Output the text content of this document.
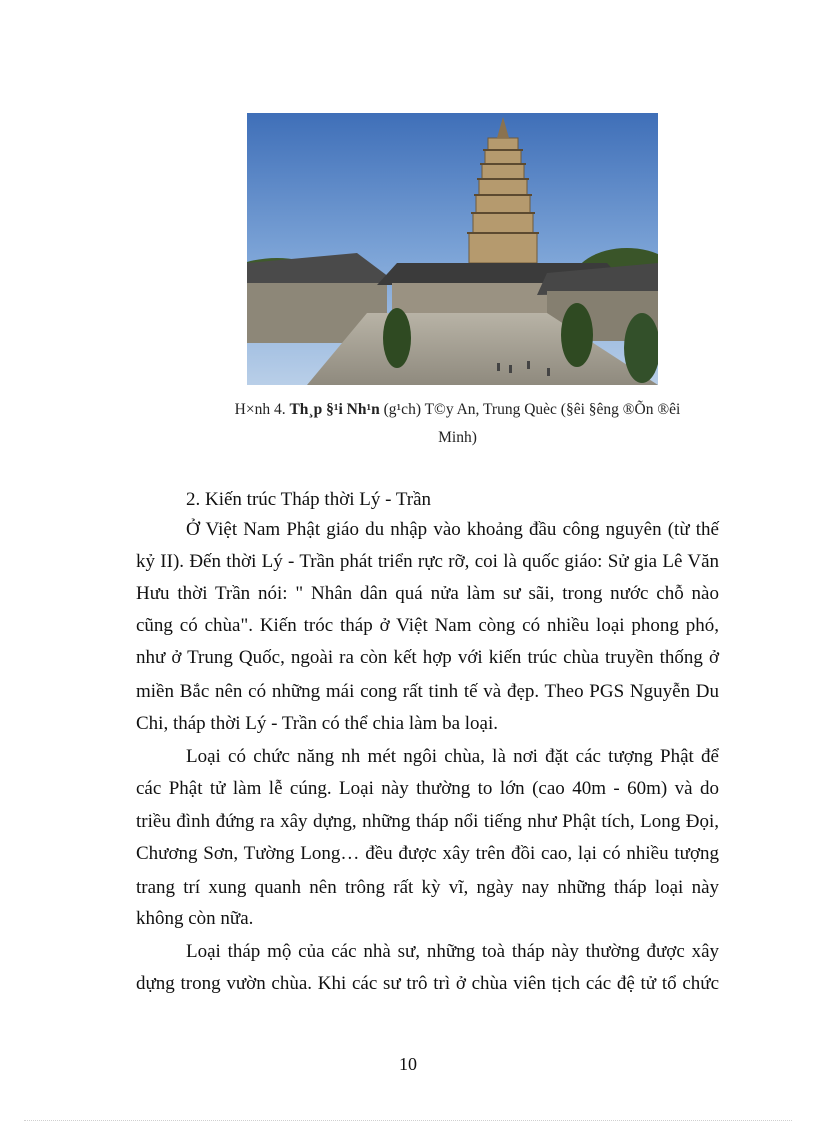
H×nh 4. Th¸p §¹i Nh¹n (g¹ch) T©y An, Trung Quèc (§êi §êng ®Õn ®êi
Minh)
2. Kiến trúc Tháp thời Lý - Trần
Ở Việt Nam Phật giáo du nhập vào khoảng đầu công nguyên (từ thế
kỷ II). Đến thời Lý - Trần phát triển rực rỡ, coi là quốc giáo: Sử gia Lê Văn
Hưu thời Trần nói: " Nhân dân quá nửa làm sư sãi, trong nước chỗ nào
cũng có chùa". Kiến tróc tháp ở Việt Nam còng có nhiều loại phong phó,
như ở Trung Quốc, ngoài ra còn kết hợp với kiến trúc chùa truyền thống ở
miền Bắc nên có những mái cong rất tinh tế và đẹp. Theo PGS Nguyễn Du
Chi, tháp thời Lý - Trần có thể chia làm ba loại.
Loại có chức năng nh mét ngôi chùa, là nơi đặt các tượng Phật để
các Phật tử làm lễ cúng. Loại này thường to lớn (cao 40m - 60m) và do
triều đình đứng ra xây dựng, những tháp nổi tiếng như Phật tích, Long Đọi,
Chương Sơn, Tường Long… đều được xây trên đồi cao, lại có nhiều tượng
trang trí xung quanh nên trông rất kỳ vĩ, ngày nay những tháp loại này
không còn nữa.
Loại tháp mộ của các nhà sư, những toà tháp này thường được xây
dựng trong vườn chùa. Khi các sư trô trì ở chùa viên tịch các đệ tử tổ chức
10
